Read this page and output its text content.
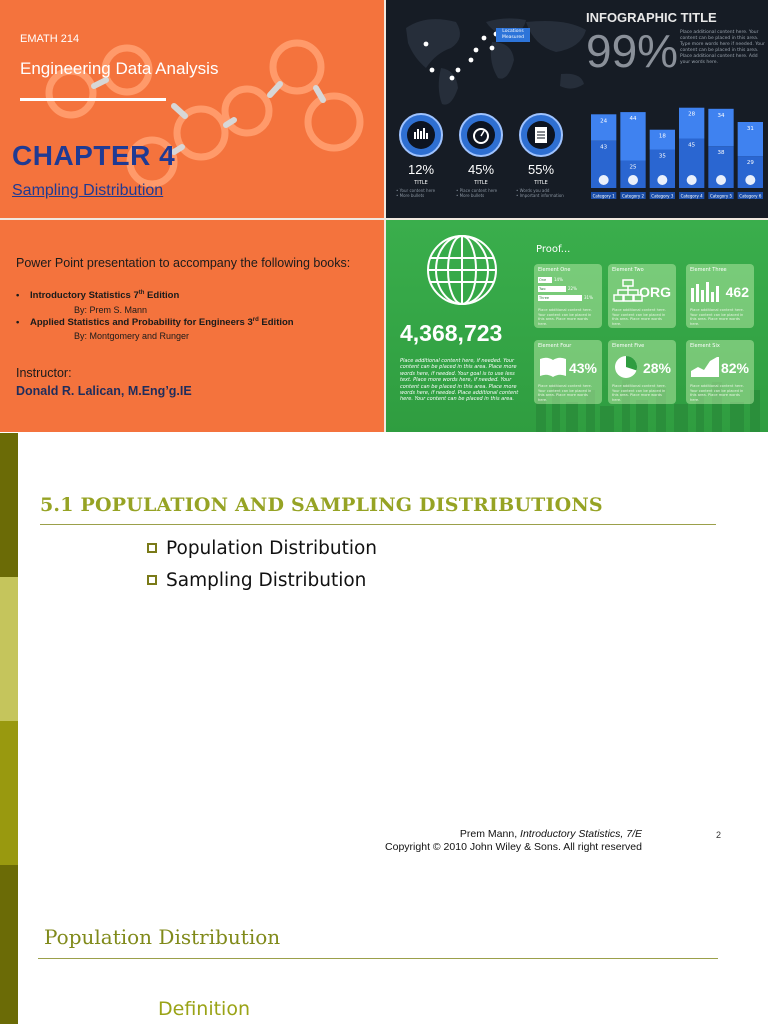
EMATH 214
Engineering Data Analysis
CHAPTER 4
Sampling Distribution
Locations Measured
INFOGRAPHIC TITLE
99% Place additional content here. Your content can be placed in this area. Type more words here if needed. Your content can be placed in this area. Place additional content here. Add your words here.
12%
TITLE
• Your content here
• More bullets
45%
TITLE
• Place content here
• More bullets
55%
TITLE
• Words you add
• Important information
24
43
Category 1
44
25
Category 2
18
35
Category 3
28
45
Category 4
34
38
Category 5
31
29
Category 6
Power Point presentation to accompany the following books:
• Introductory Statistics 7th Edition
By: Prem S. Mann
• Applied Statistics and Probability for Engineers 3rd Edition
By: Montgomery and Runger
Instructor:
Donald R. Lalican, M.Eng’g.IE
4,368,723
Place additional content here, if needed. Your content can be placed in this area. Place more words here, if needed. Your goal is to use less text. Place more words here, if needed. Your content can be placed in this area. Place more words here, if needed. Place additional content here. Your content can be placed in this area.
Proof...
Element One
One	14%
Two	22%
Three	31%
Place additional content here. Your content can be placed in this area. Place more words here.
Element Two
ORG
Place additional content here. Your content can be placed in this area. Place more words here.
Element Three
462
Place additional content here. Your content can be placed in this area. Place more words here.
Element Four
43%
Place additional content here. Your content can be placed in this area. Place more words here.
Element Five
28%
Place additional content here. Your content can be placed in this area. Place more words here.
Element Six
82%
Place additional content here. Your content can be placed in this area. Place more words here.
5.1 POPULATION AND SAMPLING DISTRIBUTIONS
Population Distribution
Sampling Distribution
Prem Mann, Introductory Statistics, 7/E
Copyright © 2010 John Wiley & Sons. All right reserved
2
Population Distribution
Definition
